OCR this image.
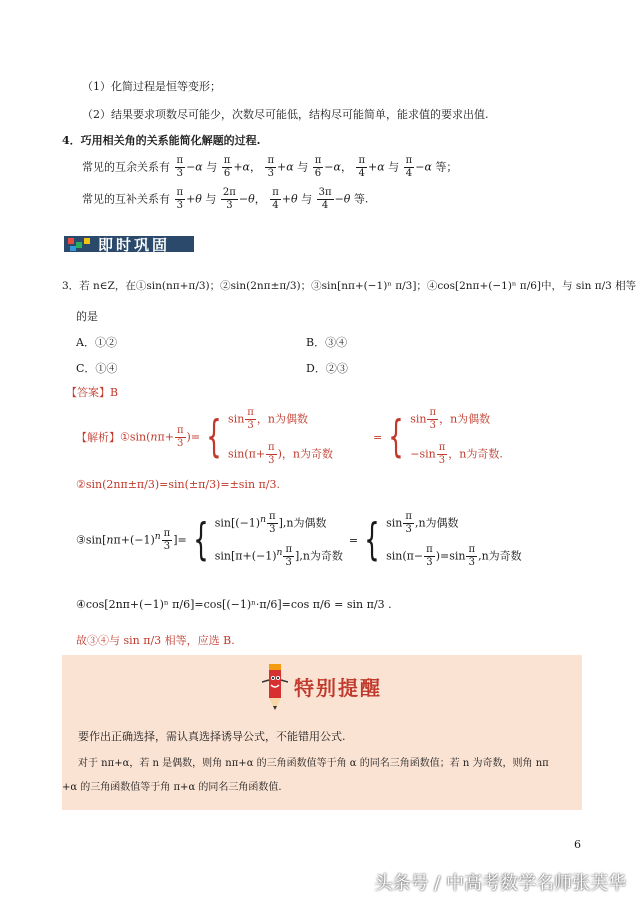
（1）化简过程是恒等变形；
（2）结果要求项数尽可能少，次数尽可能低，结构尽可能简单，能求值的要求出值.
4．巧用相关角的关系能简化解题的过程.
常见的互余关系有 $\frac{\pi}{3} -\alpha$ 与 $\frac{\pi}{6} +\alpha$， $\frac{\pi}{3} +\alpha$ 与 $\frac{\pi}{6} -\alpha$， $\frac{\pi}{4} +\alpha$ 与 $\frac{\pi}{4} -\alpha$ 等；
常见的互补关系有 $\frac{\pi}{3} +\theta$ 与 $\frac{2\pi}{3} -\theta$， $\frac{\pi}{4} +\theta$ 与 $\frac{3\pi}{4} -\theta$ 等.
即时巩固
3．若 n∈Z，在①sin(nπ+π/3)；②sin(2nπ±π/3)；③sin[nπ+(−1)ⁿ π/3]；④cos[2nπ+(−1)ⁿ π/6]中，与 sin π/3 相等
的是
A．①②	B．③④
C．①④	D．②③
【答案】B
【解析】 ①sin(nπ+ $\frac{\pi}{3}$ )= { $\sin \frac{\pi}{3}$ ，n为偶数
$\sin(\pi+ \frac{\pi}{3}$ )，n为奇数
= { $\sin \frac{\pi}{3}$ ，n为偶数
$-\sin \frac{\pi}{3}$ ，n为奇数.
②sin(2nπ±π/3)=sin(±π/3)=±sin π/3.
$③\sin[n\pi+(-1)^n \frac{\pi}{3}$ ]= { $\sin[(-1)^n \frac{\pi}{3} ],n$为偶数
$\sin[\pi+(-1)^n \frac{\pi}{3} ],n$为奇数
= { $\sin \frac{\pi}{3} ,n$为偶数
$\sin(\pi- \frac{\pi}{3} )=\sin \frac{\pi}{3} ,n$为奇数
④cos[2nπ+(−1)ⁿ π/6]=cos[(−1)ⁿ·π/6]=cos π/6 = sin π/3 .
故③④与 sin π/3 相等，应选 B.
特别提醒
要作出正确选择，需认真选择诱导公式，不能错用公式.
对于 nπ+α，若 n 是偶数，则角 nπ+α 的三角函数值等于角 α 的同名三角函数值；若 n 为奇数，则角 nπ
+α 的三角函数值等于角 π+α 的同名三角函数值.
6
头条号 / 中高考数学名师张芙华
